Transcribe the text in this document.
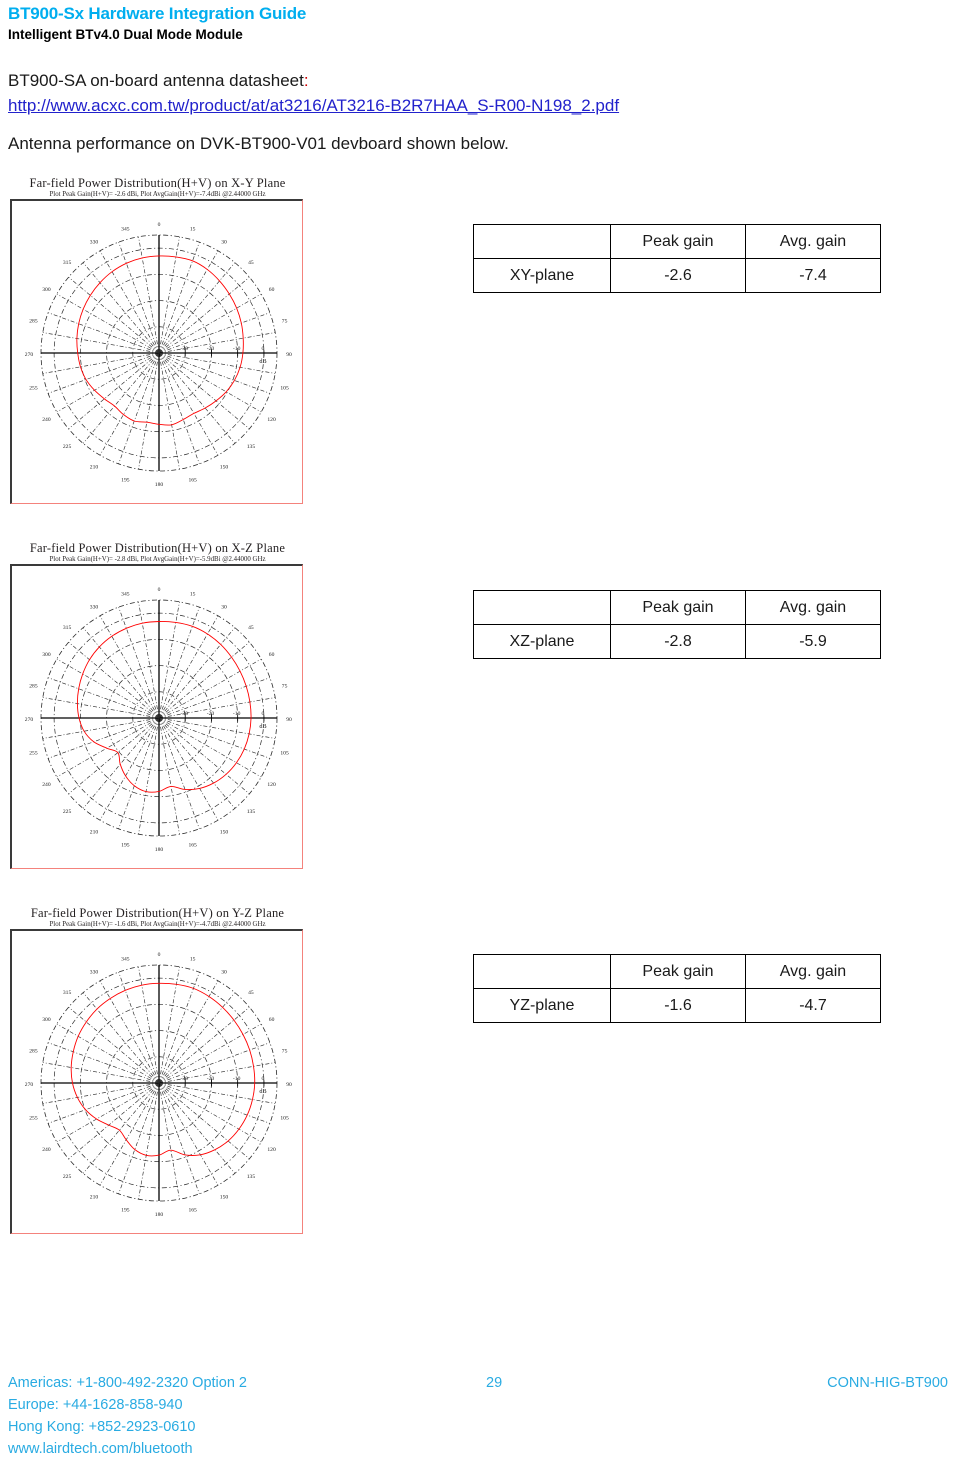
BT900-Sx Hardware Integration Guide
Intelligent BTv4.0 Dual Mode Module
BT900-SA on-board antenna datasheet:
http://www.acxc.com.tw/product/at/at3216/AT3216-B2R7HAA_S-R00-N198_2.pdf
Antenna performance on DVK-BT900-V01 devboard shown below.
Far-field Power Distribution(H+V) on X-Y Plane
Plot Peak Gain(H+V)= -2.6 dBi, Plot AvgGain(H+V)=-7.4dBi @2.44000 GHz
0
15
30
45
60
75
90
105
120
135
150
165
180
195
210
225
240
255
270
285
300
315
330
345
-30	-20	-10	0
dB
	Peak gain	Avg. gain
XY-plane	-2.6	-7.4
Far-field Power Distribution(H+V) on X-Z Plane
Plot Peak Gain(H+V)= -2.8 dBi, Plot AvgGain(H+V)=-5.9dBi @2.44000 GHz
0
15
30
45
60
75
90
105
120
135
150
165
180
195
210
225
240
255
270
285
300
315
330
345
-30	-20	-10	0
dB
	Peak gain	Avg. gain
XZ-plane	-2.8	-5.9
Far-field Power Distribution(H+V) on Y-Z Plane
Plot Peak Gain(H+V)= -1.6 dBi, Plot AvgGain(H+V)=-4.7dBi @2.44000 GHz
0
15
30
45
60
75
90
105
120
135
150
165
180
195
210
225
240
255
270
285
300
315
330
345
-30	-20	-10	0
dB
	Peak gain	Avg. gain
YZ-plane	-1.6	-4.7
Americas: +1-800-492-2320 Option 2
Europe: +44-1628-858-940
Hong Kong: +852-2923-0610
www.lairdtech.com/bluetooth
29	CONN-HIG-BT900
